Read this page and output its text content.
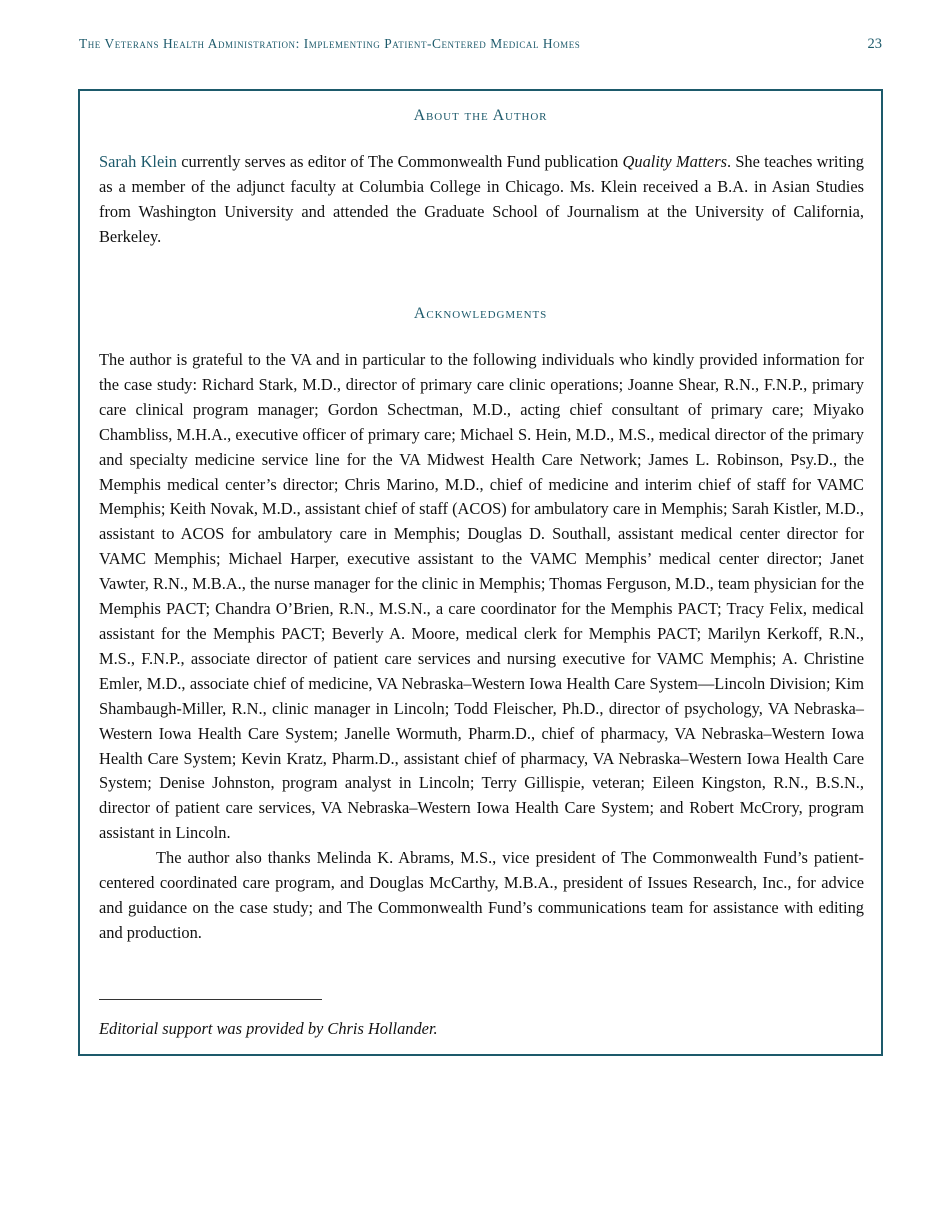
The Veterans Health Administration: Implementing Patient-Centered Medical Homes	23
About the Author

Sarah Klein currently serves as editor of The Commonwealth Fund publication Quality Matters. She teaches writing as a member of the adjunct faculty at Columbia College in Chicago. Ms. Klein received a B.A. in Asian Studies from Washington University and attended the Graduate School of Journalism at the University of California, Berkeley.

Acknowledgments

The author is grateful to the VA and in particular to the following individuals who kindly provided information for the case study: Richard Stark, M.D., director of primary care clinic operations; Joanne Shear, R.N., F.N.P., primary care clinical program manager; Gordon Schectman, M.D., acting chief consultant of primary care; Miyako Chambliss, M.H.A., executive officer of primary care; Michael S. Hein, M.D., M.S., medical director of the primary and specialty medicine service line for the VA Midwest Health Care Network; James L. Robinson, Psy.D., the Memphis medical center’s director; Chris Marino, M.D., chief of medicine and interim chief of staff for VAMC Memphis; Keith Novak, M.D., assistant chief of staff (ACOS) for ambulatory care in Memphis; Sarah Kistler, M.D., assistant to ACOS for ambulatory care in Memphis; Douglas D. Southall, assistant medical center director for VAMC Memphis; Michael Harper, executive assistant to the VAMC Memphis’ medical center director; Janet Vawter, R.N., M.B.A., the nurse manager for the clinic in Memphis; Thomas Ferguson, M.D., team physician for the Memphis PACT; Chandra O’Brien, R.N., M.S.N., a care coordinator for the Memphis PACT; Tracy Felix, medical assistant for the Memphis PACT; Beverly A. Moore, medical clerk for Memphis PACT; Marilyn Kerkoff, R.N., M.S., F.N.P., associate director of patient care services and nursing executive for VAMC Memphis; A. Christine Emler, M.D., associate chief of medicine, VA Nebraska–Western Iowa Health Care System—Lincoln Division; Kim Shambaugh-Miller, R.N., clinic manager in Lincoln; Todd Fleischer, Ph.D., director of psychology, VA Nebraska–Western Iowa Health Care System; Janelle Wormuth, Pharm.D., chief of pharmacy, VA Nebraska–Western Iowa Health Care System; Kevin Kratz, Pharm.D., assistant chief of pharmacy, VA Nebraska–Western Iowa Health Care System; Denise Johnston, program analyst in Lincoln; Terry Gillispie, veteran; Eileen Kingston, R.N., B.S.N., director of patient care services, VA Nebraska–Western Iowa Health Care System; and Robert McCrory, program assistant in Lincoln.

The author also thanks Melinda K. Abrams, M.S., vice president of The Commonwealth Fund’s patient-centered coordinated care program, and Douglas McCarthy, M.B.A., president of Issues Research, Inc., for advice and guidance on the case study; and The Commonwealth Fund’s communications team for assistance with editing and production.

Editorial support was provided by Chris Hollander.
